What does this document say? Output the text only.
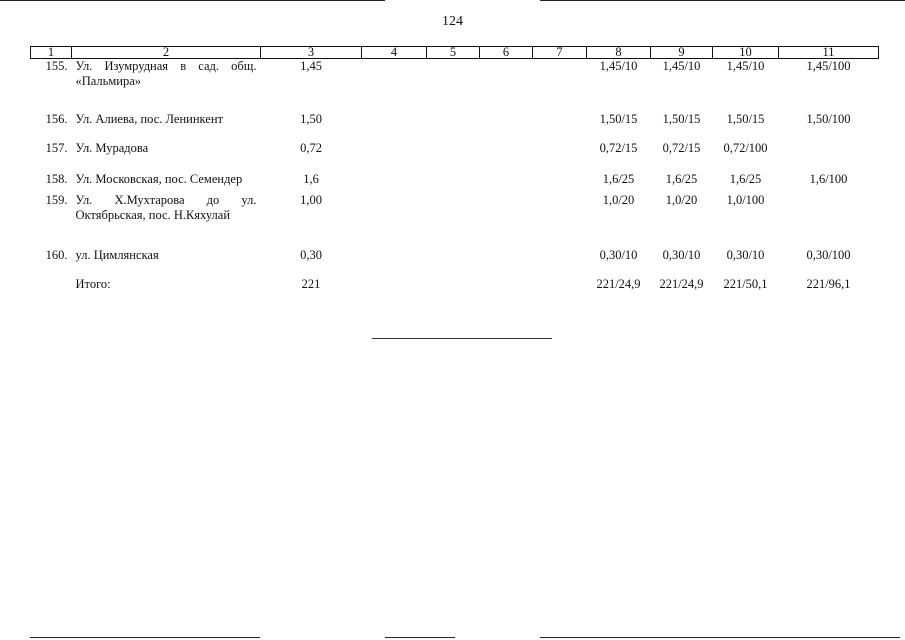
124
1	2	3	4	5	6	7	8	9	10	11
155.	Ул. Изумрудная в сад. общ.
«Пальмира»	1,45					1,45/10	1,45/10	1,45/10	1,45/100
156.	Ул. Алиева, пос. Ленинкент	1,50					1,50/15	1,50/15	1,50/15	1,50/100
157.	Ул. Мурадова	0,72					0,72/15	0,72/15	0,72/100	
158.	Ул. Московская, пос. Семендер	1,6					1,6/25	1,6/25	1,6/25	1,6/100
159.	Ул. Х.Мухтарова до ул.
Октябрьская, пос. Н.Кяхулай	1,00					1,0/20	1,0/20	1,0/100	
160.	ул. Цимлянская	0,30					0,30/10	0,30/10	0,30/10	0,30/100
	Итого:	221					221/24,9	221/24,9	221/50,1	221/96,1
